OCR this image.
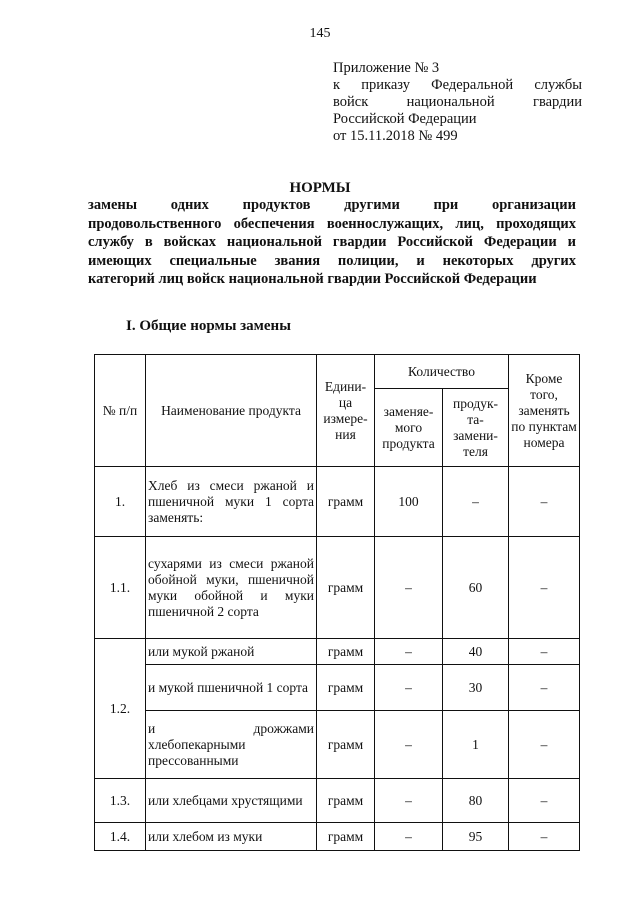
145
Приложение № 3
к приказу Федеральной службы
войск национальной гвардии
Российской Федерации
от 15.11.2018 № 499
НОРМЫ
замены одних продуктов другими при организации
продовольственного обеспечения военнослужащих, лиц, проходящих
службу в войсках национальной гвардии Российской Федерации и
имеющих специальные звания полиции, и некоторых других
категорий лиц войск национальной гвардии Российской Федерации
I. Общие нормы замены
№ п/п	Наименование продукта	Едини-ца измере-ния	Количество		Кроме того, заменять по пунктам номера
			заменяе-мого продукта	продук-та-замени-теля	
1.	Хлеб из смеси ржаной и пшеничной муки 1 сорта заменять:	грамм	100	–	–
1.1.	сухарями из смеси ржаной обойной муки, пшеничной муки обойной и муки пшеничной 2 сорта	грамм	–	60	–
1.2.	или мукой ржаной	грамм	–	40	–
	и мукой пшеничной 1 сорта	грамм	–	30	–
	и дрожжами хлебопекарными прессованными	грамм	–	1	–
1.3.	или хлебцами хрустящими	грамм	–	80	–
1.4.	или хлебом из муки	грамм	–	95	–
